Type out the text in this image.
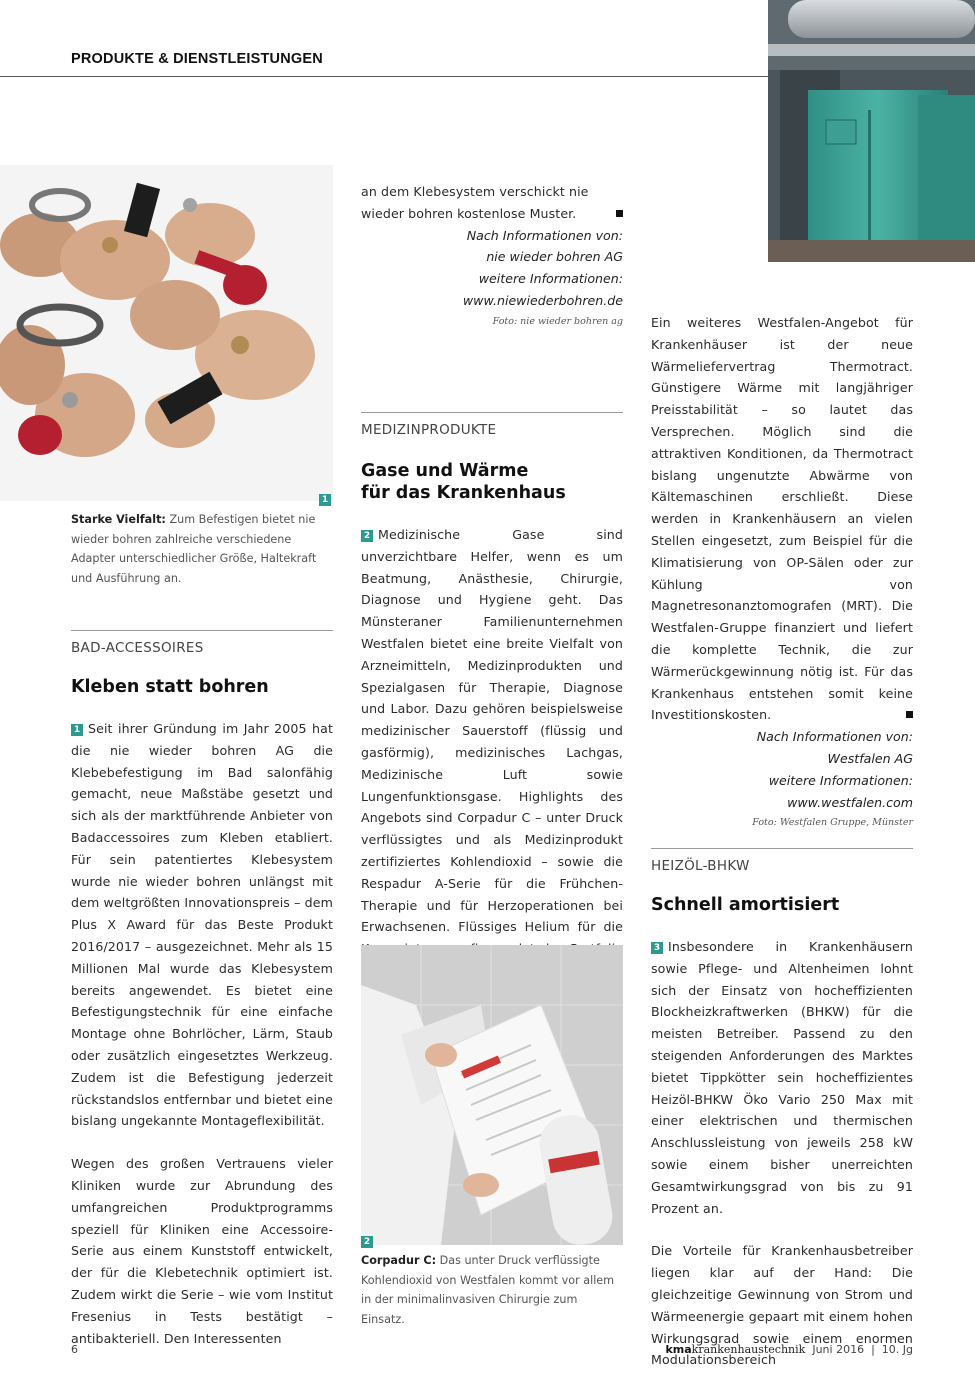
PRODUKTE & DIENSTLEISTUNGEN
1

Starke Vielfalt: Zum Befestigen bietet nie wieder bohren zahlreiche verschiedene Adapter unterschiedlicher Größe, Haltekraft und Ausführung an.

BAD-ACCESSOIRES

Kleben statt bohren

1 Seit ihrer Gründung im Jahr 2005 hat die nie wieder bohren AG die Klebebefestigung im Bad salonfähig gemacht, neue Maßstäbe gesetzt und sich als der marktführende Anbieter von Badaccessoires zum Kleben etabliert. Für sein patentiertes Klebesystem wurde nie wieder bohren unlängst mit dem weltgrößten Innovationspreis – dem Plus X Award für das Beste Produkt 2016/2017 – ausgezeichnet. Mehr als 15 Millionen Mal wurde das Klebesystem bereits angewendet. Es bietet eine Befestigungstechnik für eine einfache Montage ohne Bohrlöcher, Lärm, Staub oder zusätzlich eingesetztes Werkzeug. Zudem ist die Befestigung jederzeit rückstandslos entfernbar und bietet eine bislang ungekannte Montageflexibilität.

Wegen des großen Vertrauens vieler Kliniken wurde zur Abrundung des umfangreichen Produktprogramms speziell für Kliniken eine Accessoire-Serie aus einem Kunststoff entwickelt, der für die Klebetechnik optimiert ist. Zudem wirkt die Serie – wie vom Institut Fresenius in Tests bestätigt – antibakteriell. Den Interessenten

an dem Klebesystem verschickt nie wieder bohren kostenlose Muster.

Nach Informationen von:

nie wieder bohren AG

weitere Informationen:

www.niewiederbohren.de

Foto: nie wieder bohren ag

MEDIZINPRODUKTE

Gase und Wärme

für das Krankenhaus

2 Medizinische Gase sind unverzichtbare Helfer, wenn es um Beatmung, Anästhesie, Chirurgie, Diagnose und Hygiene geht. Das Münsteraner Familienunternehmen Westfalen bietet eine breite Vielfalt von Arzneimitteln, Medizinprodukten und Spezialgasen für Therapie, Diagnose und Labor. Dazu gehören beispielsweise medizinischer Sauerstoff (flüssig und gasförmig), medizinisches Lachgas, Medizinische Luft sowie Lungenfunktionsgase. Highlights des Angebots sind Corpadur C – unter Druck verflüssigtes und als Medizinprodukt zertifiziertes Kohlendioxid – sowie die Respadur A-Serie für die Frühchen-Therapie und für Herzoperationen bei Erwachsenen. Flüssiges Helium für die

2

Corpadur C: Das unter Druck verflüssigte Kohlendioxid von Westfalen kommt vor allem in der minimalinvasiven Chirurgie zum Einsatz.

Ein weiteres Westfalen-Angebot für Krankenhäuser ist der neue Wärmeliefervertrag Thermotract. Günstigere Wärme mit langjähriger Preisstabilität – so lautet das Versprechen. Möglich sind die attraktiven Konditionen, da Thermotract bislang ungenutzte Abwärme von Kältemaschinen erschließt. Diese werden in Krankenhäusern an vielen Stellen eingesetzt, zum Beispiel für die Klimatisierung von OP-Sälen oder zur Kühlung von Magnetresonanztomografen (MRT). Die Westfalen-Gruppe finanziert und liefert die komplette Technik, die zur Wärmerückgewinnung nötig ist. Für das Krankenhaus entstehen somit keine Investitionskosten.

Nach Informationen von:

Westfalen AG

weitere Informationen:

www.westfalen.com

Foto: Westfalen Gruppe, Münster

HEIZÖL-BHKW

Schnell amortisiert

3 Insbesondere in Krankenhäusern sowie Pflege- und Altenheimen lohnt sich der Einsatz von hocheffizienten Blockheizkraftwerken (BHKW) für die meisten Betreiber. Passend zu den steigenden Anforderungen des Marktes bietet Tippkötter sein hocheffizientes Heizöl-BHKW Öko Vario 250 Max mit einer elektrischen und thermischen Anschlussleistung von jeweils 258 kW sowie einem bisher unerreichten Gesamtwirkungsgrad von bis zu 91 Prozent an.

Die Vorteile für Krankenhausbetreiber liegen klar auf der Hand: Die gleichzeitige Gewinnung von Strom und Wärmeenergie gepaart mit einem hohen Wirkungsgrad sowie einem enormen Modulationsbereich

6	kmakrankenhaustechnik Juni 2016 | 10. Jg
